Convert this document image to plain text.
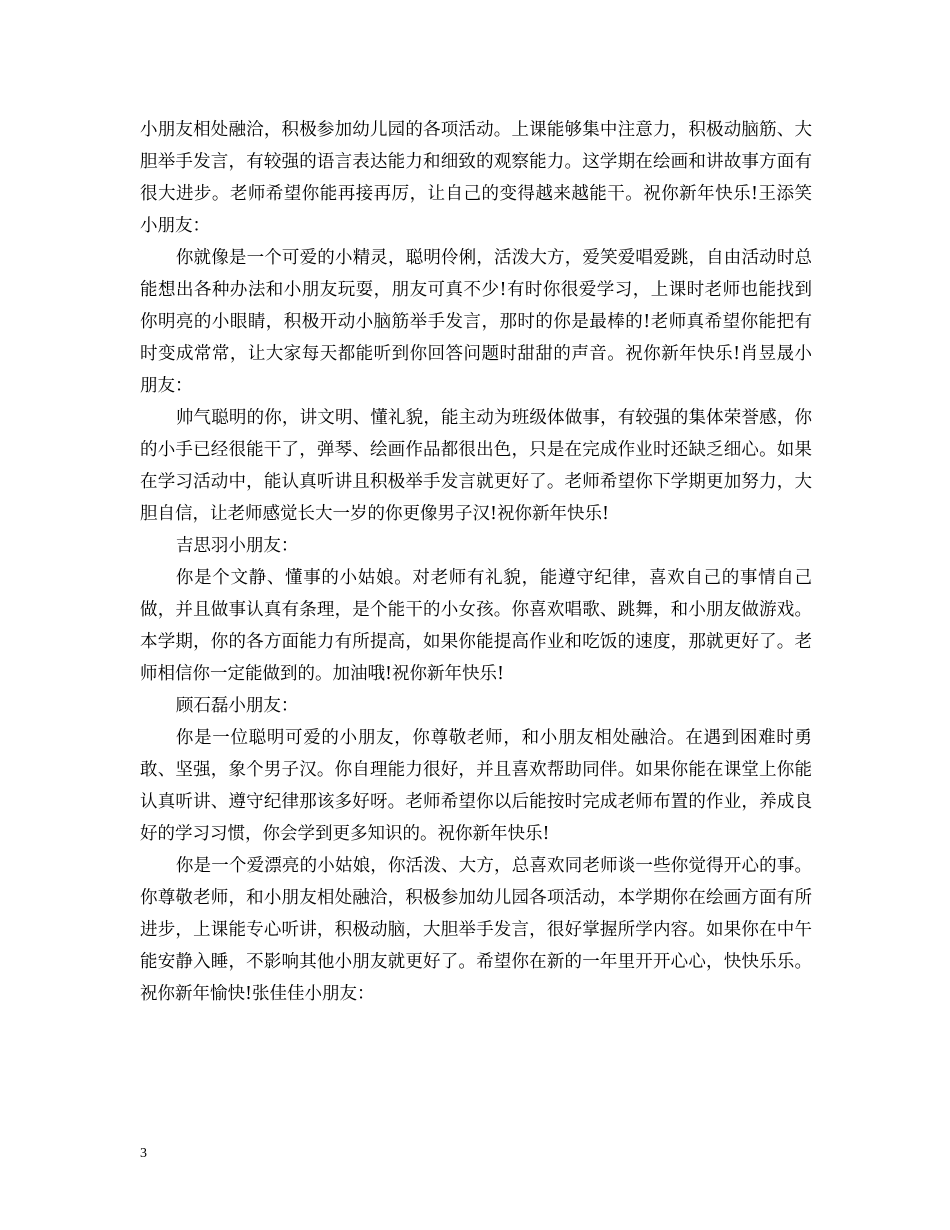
小朋友相处融洽，积极参加幼儿园的各项活动。上课能够集中注意力，积极动脑筋、大胆举手发言，有较强的语言表达能力和细致的观察能力。这学期在绘画和讲故事方面有很大进步。老师希望你能再接再厉，让自己的变得越来越能干。祝你新年快乐!王添笑小朋友：

你就像是一个可爱的小精灵，聪明伶俐，活泼大方，爱笑爱唱爱跳，自由活动时总能想出各种办法和小朋友玩耍，朋友可真不少!有时你很爱学习，上课时老师也能找到你明亮的小眼睛，积极开动小脑筋举手发言，那时的你是最棒的!老师真希望你能把有时变成常常，让大家每天都能听到你回答问题时甜甜的声音。祝你新年快乐!肖昱晟小朋友：

帅气聪明的你，讲文明、懂礼貌，能主动为班级体做事，有较强的集体荣誉感，你的小手已经很能干了，弹琴、绘画作品都很出色，只是在完成作业时还缺乏细心。如果在学习活动中，能认真听讲且积极举手发言就更好了。老师希望你下学期更加努力，大胆自信，让老师感觉长大一岁的你更像男子汉!祝你新年快乐!

吉思羽小朋友：

你是个文静、懂事的小姑娘。对老师有礼貌，能遵守纪律，喜欢自己的事情自己做，并且做事认真有条理，是个能干的小女孩。你喜欢唱歌、跳舞，和小朋友做游戏。本学期，你的各方面能力有所提高，如果你能提高作业和吃饭的速度，那就更好了。老师相信你一定能做到的。加油哦!祝你新年快乐!

顾石磊小朋友：

你是一位聪明可爱的小朋友，你尊敬老师，和小朋友相处融洽。在遇到困难时勇敢、坚强，象个男子汉。你自理能力很好，并且喜欢帮助同伴。如果你能在课堂上你能认真听讲、遵守纪律那该多好呀。老师希望你以后能按时完成老师布置的作业，养成良好的学习习惯，你会学到更多知识的。祝你新年快乐!

你是一个爱漂亮的小姑娘，你活泼、大方，总喜欢同老师谈一些你觉得开心的事。你尊敬老师，和小朋友相处融洽，积极参加幼儿园各项活动，本学期你在绘画方面有所进步，上课能专心听讲，积极动脑，大胆举手发言，很好掌握所学内容。如果你在中午能安静入睡，不影响其他小朋友就更好了。希望你在新的一年里开开心心，快快乐乐。祝你新年愉快!张佳佳小朋友：

3
